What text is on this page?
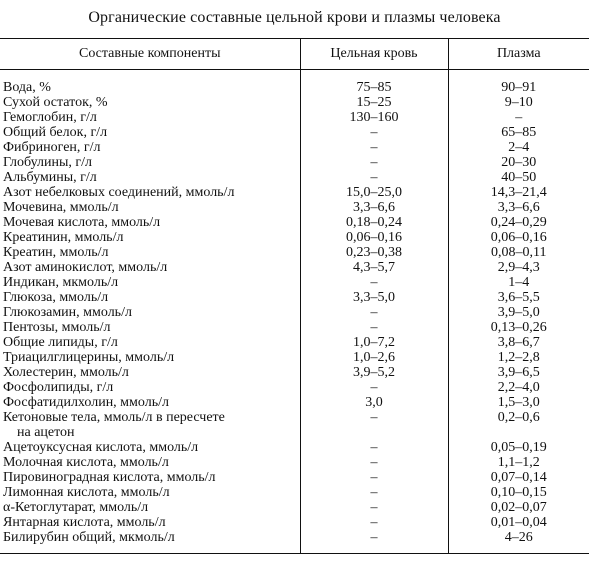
Органические составные цельной крови и плазмы человека
Составные компоненты	Цельная кровь	Плазма

Вода, %	75–85	90–91
Сухой остаток, %	15–25	9–10
Гемоглобин, г/л	130–160	–
Общий белок, г/л	–	65–85
Фибриноген, г/л	–	2–4
Глобулины, г/л	–	20–30
Альбумины, г/л	–	40–50
Азот небелковых соединений, ммоль/л	15,0–25,0	14,3–21,4
Мочевина, ммоль/л	3,3–6,6	3,3–6,6
Мочевая кислота, ммоль/л	0,18–0,24	0,24–0,29
Креатинин, ммоль/л	0,06–0,16	0,06–0,16
Креатин, ммоль/л	0,23–0,38	0,08–0,11
Азот аминокислот, ммоль/л	4,3–5,7	2,9–4,3
Индикан, мкмоль/л	–	1–4
Глюкоза, ммоль/л	3,3–5,0	3,6–5,5
Глюкозамин, ммоль/л	–	3,9–5,0
Пентозы, ммоль/л	–	0,13–0,26
Общие липиды, г/л	1,0–7,2	3,8–6,7
Триацилглицерины, ммоль/л	1,0–2,6	1,2–2,8
Холестерин, ммоль/л	3,9–5,2	3,9–6,5
Фосфолипиды, г/л	–	2,2–4,0
Фосфатидилхолин, ммоль/л	3,0	1,5–3,0
Кетоновые тела, ммоль/л в пересчете
на ацетон	–	0,2–0,6
Ацетоуксусная кислота, ммоль/л	–	0,05–0,19
Молочная кислота, ммоль/л	–	1,1–1,2
Пировиноградная кислота, ммоль/л	–	0,07–0,14
Лимонная кислота, ммоль/л	–	0,10–0,15
α-Кетоглутарат, ммоль/л	–	0,02–0,07
Янтарная кислота, ммоль/л	–	0,01–0,04
Билирубин общий, мкмоль/л	–	4–26
